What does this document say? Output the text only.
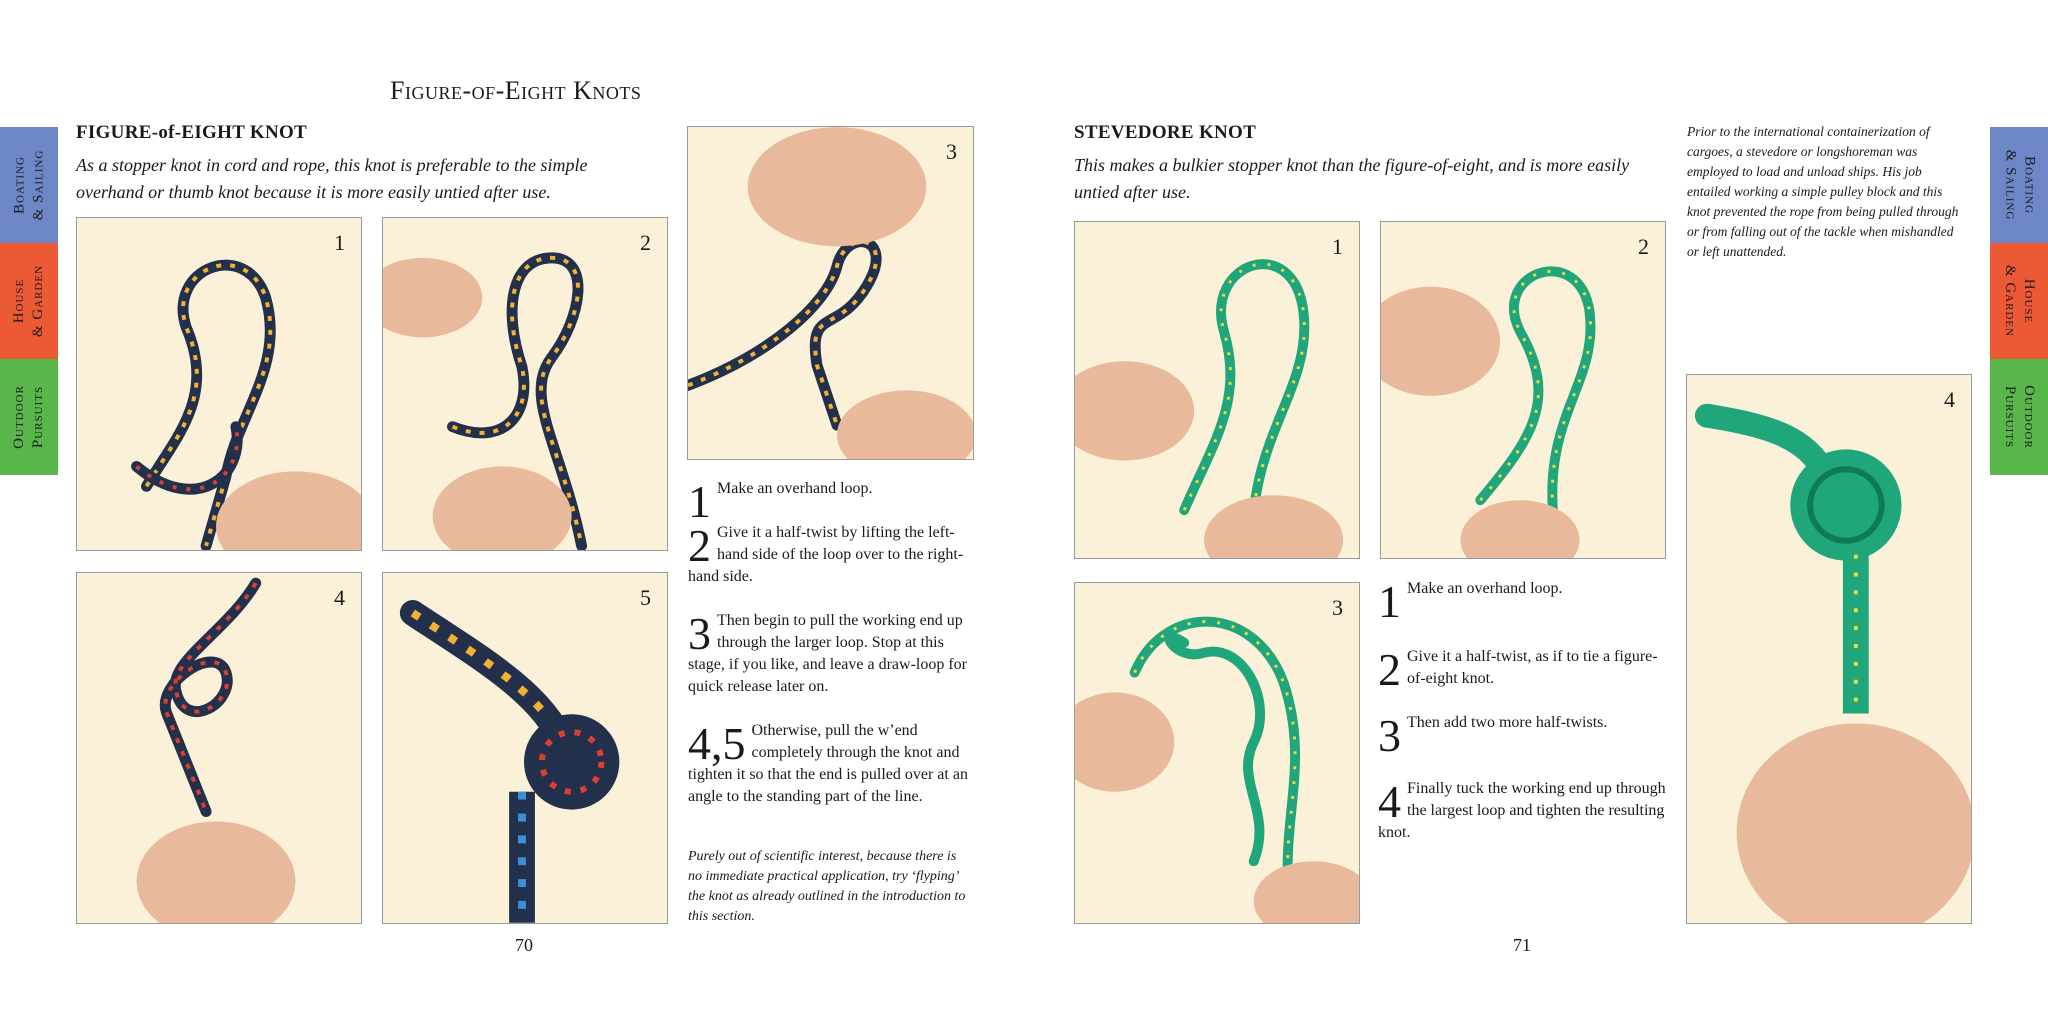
Boating
& Sailing
House
& Garden
Outdoor
Pursuits
Boating
& Sailing
House
& Garden
Outdoor
Pursuits
Figure-of-Eight Knots
FIGURE-of-EIGHT KNOT
As a stopper knot in cord and rope, this knot is preferable to the simple overhand or thumb knot because it is more easily untied after use.
1	2
3
4	5
1 Make an overhand loop.
2 Give it a half-twist by lifting the left-hand side of the loop over to the right-hand side.
3 Then begin to pull the working end up through the larger loop. Stop at this stage, if you like, and leave a draw-loop for quick release later on.
4,5 Otherwise, pull the w’end completely through the knot and tighten it so that the end is pulled over at an angle to the standing part of the line.
Purely out of scientific interest, because there is no immediate practical application, try ‘flyping’ the knot as already outlined in the introduction to this section.
70
STEVEDORE KNOT
This makes a bulkier stopper knot than the figure-of-eight, and is more easily untied after use.
Prior to the international containerization of cargoes, a stevedore or longshoreman was employed to load and unload ships. His job entailed working a simple pulley block and this knot prevented the rope from being pulled through or from falling out of the tackle when mishandled or left unattended.
1	2
3
4
1 Make an overhand loop.
2 Give it a half-twist, as if to tie a figure-of-eight knot.
3 Then add two more half-twists.
4 Finally tuck the working end up through the largest loop and tighten the resulting knot.
71
